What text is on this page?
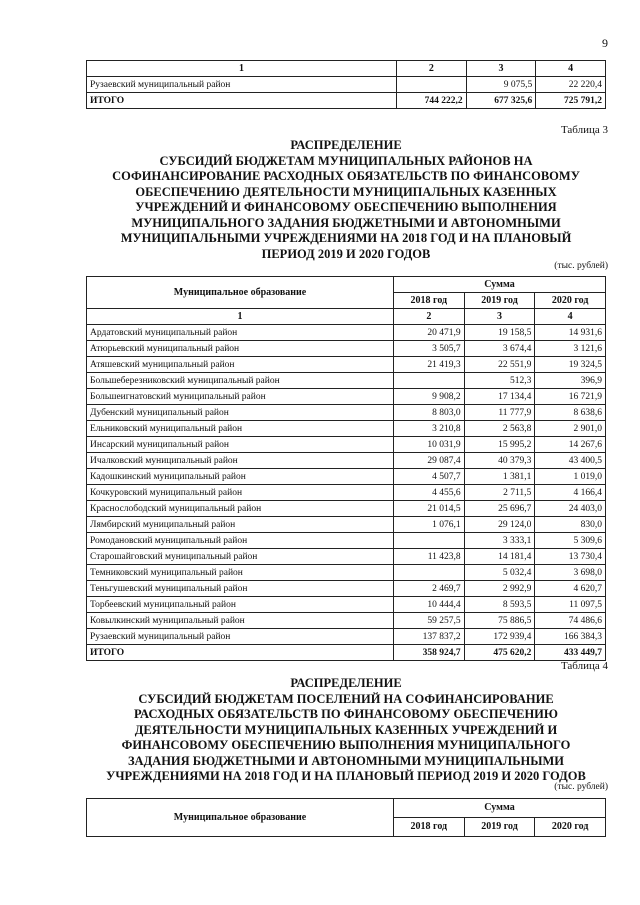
9
1	2	3	4
Рузаевский муниципальный район		9 075,5	22 220,4
ИТОГО	744 222,2	677 325,6	725 791,2
Таблица 3
РАСПРЕДЕЛЕНИЕ
СУБСИДИЙ БЮДЖЕТАМ МУНИЦИПАЛЬНЫХ РАЙОНОВ НА
СОФИНАНСИРОВАНИЕ РАСХОДНЫХ ОБЯЗАТЕЛЬСТВ ПО ФИНАНСОВОМУ
ОБЕСПЕЧЕНИЮ ДЕЯТЕЛЬНОСТИ МУНИЦИПАЛЬНЫХ КАЗЕННЫХ
УЧРЕЖДЕНИЙ И ФИНАНСОВОМУ ОБЕСПЕЧЕНИЮ ВЫПОЛНЕНИЯ
МУНИЦИПАЛЬНОГО ЗАДАНИЯ БЮДЖЕТНЫМИ И АВТОНОМНЫМИ
МУНИЦИПАЛЬНЫМИ УЧРЕЖДЕНИЯМИ НА 2018 ГОД И НА ПЛАНОВЫЙ
ПЕРИОД 2019 И 2020 ГОДОВ
(тыс. рублей)
Муниципальное образование	Сумма		
	2018 год	2019 год	2020 год
1	2	3	4
Ардатовский муниципальный район	20 471,9	19 158,5	14 931,6
Атюрьевский муниципальный район	3 505,7	3 674,4	3 121,6
Атяшевский муниципальный район	21 419,3	22 551,9	19 324,5
Большеберезниковский муниципальный район		512,3	396,9
Большеигнатовский муниципальный район	9 908,2	17 134,4	16 721,9
Дубенский муниципальный район	8 803,0	11 777,9	8 638,6
Ельниковский муниципальный район	3 210,8	2 563,8	2 901,0
Инсарский муниципальный район	10 031,9	15 995,2	14 267,6
Ичалковский муниципальный район	29 087,4	40 379,3	43 400,5
Кадошкинский муниципальный район	4 507,7	1 381,1	1 019,0
Кочкуровский муниципальный район	4 455,6	2 711,5	4 166,4
Краснослободский муниципальный район	21 014,5	25 696,7	24 403,0
Лямбирский муниципальный район	1 076,1	29 124,0	830,0
Ромодановский муниципальный район		3 333,1	5 309,6
Старошайговский муниципальный район	11 423,8	14 181,4	13 730,4
Темниковский муниципальный район		5 032,4	3 698,0
Теньгушевский муниципальный район	2 469,7	2 992,9	4 620,7
Торбеевский муниципальный район	10 444,4	8 593,5	11 097,5
Ковылкинский муниципальный район	59 257,5	75 886,5	74 486,6
Рузаевский муниципальный район	137 837,2	172 939,4	166 384,3
ИТОГО	358 924,7	475 620,2	433 449,7
Таблица 4
РАСПРЕДЕЛЕНИЕ
СУБСИДИЙ БЮДЖЕТАМ ПОСЕЛЕНИЙ НА СОФИНАНСИРОВАНИЕ
РАСХОДНЫХ ОБЯЗАТЕЛЬСТВ ПО ФИНАНСОВОМУ ОБЕСПЕЧЕНИЮ
ДЕЯТЕЛЬНОСТИ МУНИЦИПАЛЬНЫХ КАЗЕННЫХ УЧРЕЖДЕНИЙ И
ФИНАНСОВОМУ ОБЕСПЕЧЕНИЮ ВЫПОЛНЕНИЯ МУНИЦИПАЛЬНОГО
ЗАДАНИЯ БЮДЖЕТНЫМИ И АВТОНОМНЫМИ МУНИЦИПАЛЬНЫМИ
УЧРЕЖДЕНИЯМИ НА 2018 ГОД И НА ПЛАНОВЫЙ ПЕРИОД 2019 И 2020 ГОДОВ
(тыс. рублей)
Муниципальное образование	Сумма		
	2018 год	2019 год	2020 год
